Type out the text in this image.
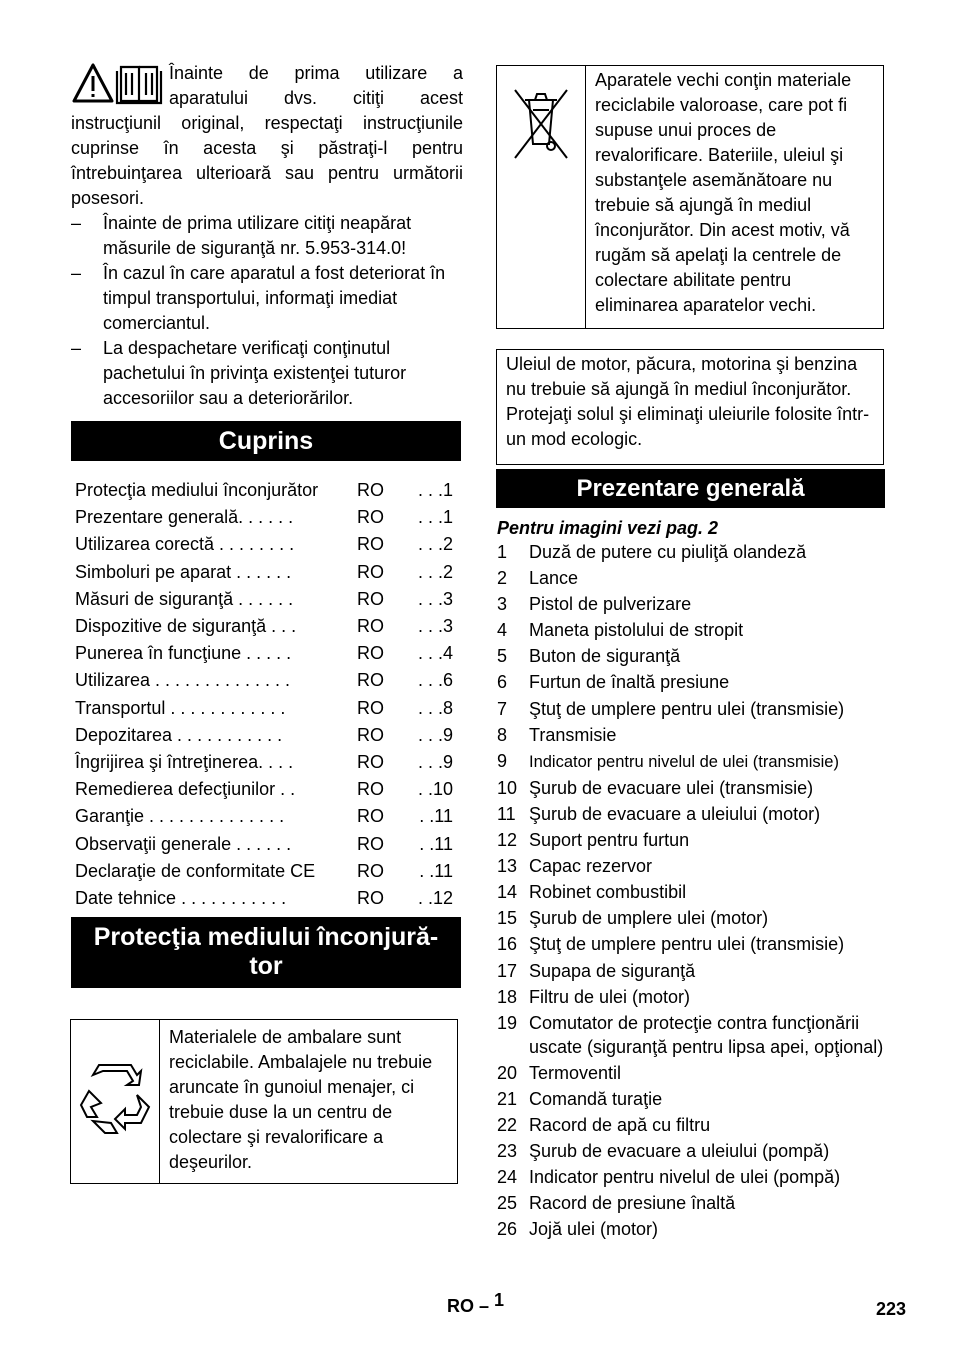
Înainte de prima utilizare a aparatului dvs. citiţi acest instrucţiunil original, respectaţi instrucţiunile cuprinse în acesta şi păstraţi-l pentru întrebuinţarea ulterioară sau pentru următorii posesori.
– Înainte de prima utilizare citiţi neapărat măsurile de siguranţă nr. 5.953-314.0!
– În cazul în care aparatul a fost deteriorat în timpul transportului, informaţi imediat comerciantul.
– La despachetare verificaţi conţinutul pachetului în privinţa existenţei tuturor accesoriilor sau a deteriorărilor.
Cuprins
Protecţia mediului înconjurător	RO	. . .1
Prezentare generală. . . . . .	RO	. . .1
Utilizarea corectă . . . . . . . .	RO	. . .2
Simboluri pe aparat . . . . . .	RO	. . .2
Măsuri de siguranţă . . . . . .	RO	. . .3
Dispozitive de siguranţă . . .	RO	. . .3
Punerea în funcţiune . . . . .	RO	. . .4
Utilizarea . . . . . . . . . . . . . .	RO	. . .6
Transportul . . . . . . . . . . . .	RO	. . .8
Depozitarea . . . . . . . . . . .	RO	. . .9
Îngrijirea şi întreţinerea. . . .	RO	. . .9
Remedierea defecţiunilor . .	RO	. .10
Garanţie . . . . . . . . . . . . . .	RO	. .11
Observaţii generale . . . . . .	RO	. .11
Declaraţie de conformitate CE	RO	. .11
Date tehnice . . . . . . . . . . .	RO	. .12
Protecţia mediului înconjură-
tor

Materialele de ambalare sunt reciclabile. Ambalajele nu trebuie aruncate în gunoiul menajer, ci trebuie duse la un centru de colectare şi revalorificare a deşeurilor.

Aparatele vechi conţin materiale reciclabile valoroase, care pot fi supuse unui proces de revalorificare. Bateriile, uleiul şi substanţele asemănătoare nu trebuie să ajungă în mediul înconjurător. Din acest motiv, vă rugăm să apelaţi la centrele de colectare abilitate pentru eliminarea aparatelor vechi.
Uleiul de motor, păcura, motorina şi benzina nu trebuie să ajungă în mediul înconjurător. Protejaţi solul şi eliminaţi uleiurile folosite într-un mod ecologic.
Prezentare generală
Pentru imagini vezi pag. 2
1 Duză de putere cu piuliţă olandeză
2 Lance
3 Pistol de pulverizare
4 Maneta pistolului de stropit
5 Buton de siguranţă
6 Furtun de înaltă presiune
7 Ştuţ de umplere pentru ulei (transmisie)
8 Transmisie
9 Indicator pentru nivelul de ulei (transmisie)
10 Şurub de evacuare ulei (transmisie)
11 Şurub de evacuare a uleiului (motor)
12 Suport pentru furtun
13 Capac rezervor
14 Robinet combustibil
15 Şurub de umplere ulei (motor)
16 Ştuţ de umplere pentru ulei (transmisie)
17 Supapa de siguranţă
18 Filtru de ulei (motor)
19 Comutator de protecţie contra funcţionării uscate (siguranţă pentru lipsa apei, opţional)
20 Termoventil
21 Comandă turaţie
22 Racord de apă cu filtru
23 Şurub de evacuare a uleiului (pompă)
24 Indicator pentru nivelul de ulei (pompă)
25 Racord de presiune înaltă
26 Jojă ulei (motor)
RO – 1	223
